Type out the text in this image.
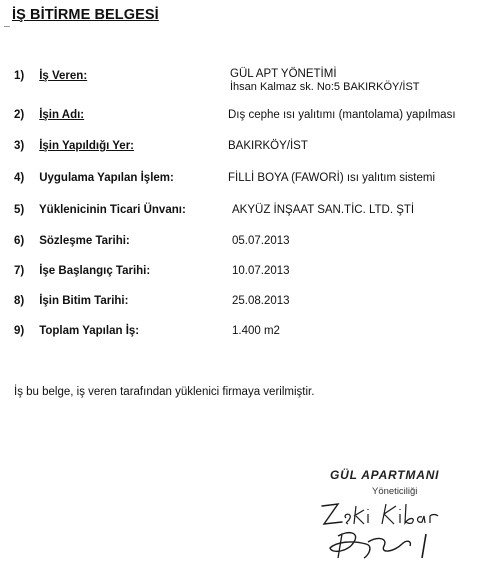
İŞ BİTİRME BELGESİ
1) İş Veren:	GÜL APT YÖNETİMİ
İhsan Kalmaz sk. No:5 BAKIRKÖY/İST
2) İşin Adı:	Dış cephe ısı yalıtımı (mantolama) yapılması
3) İşin Yapıldığı Yer:	BAKIRKÖY/İST
4) Uygulama Yapılan İşlem:	FİLLİ BOYA (FAWORİ) ısı yalıtım sistemi
5) Yüklenicinin Ticari Ünvanı:	AKYÜZ İNŞAAT SAN.TİC. LTD. ŞTİ
6) Sözleşme Tarihi:	05.07.2013
7) İşe Başlangıç Tarihi:	10.07.2013
8) İşin Bitim Tarihi:	25.08.2013
9) Toplam Yapılan İş:	1.400 m2
İş bu belge, iş veren tarafından yüklenici firmaya verilmiştir.
GÜL APARTMANI
Yöneticiliği
